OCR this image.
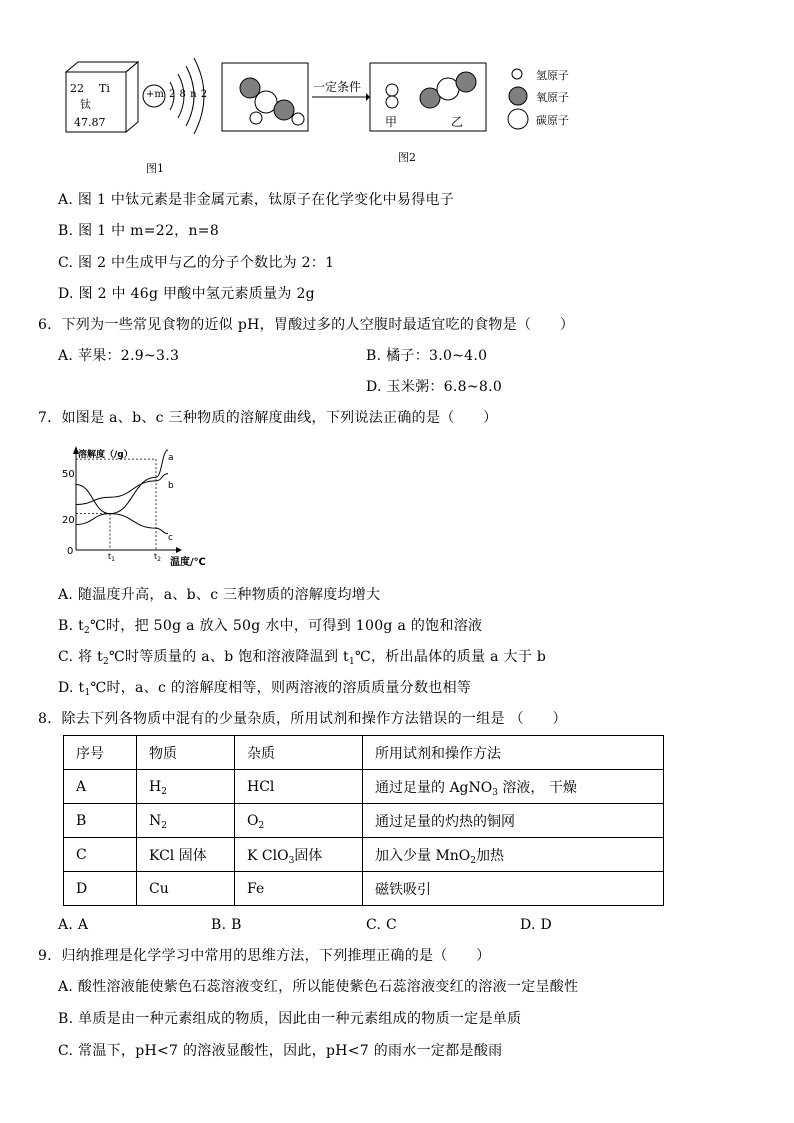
22 Ti
钛
47.87
+m 2 8 n 2
图1
一定条件
甲	乙
氢原子
氧原子
碳原子
图2
A. 图 1 中钛元素是非金属元素，钛原子在化学变化中易得电子
B. 图 1 中 m=22，n=8
C. 图 2 中生成甲与乙的分子个数比为 2：1
D. 图 2 中 46g 甲酸中氢元素质量为 2g
6．下列为一些常见食物的近似 pH，胃酸过多的人空腹时最适宜吃的食物是（　　）
A. 苹果：2.9~3.3	B. 橘子：3.0~4.0
D. 玉米粥：6.8~8.0
7．如图是 a、b、c 三种物质的溶解度曲线，下列说法正确的是（　　）
溶解度（/g）
温度/℃
50
20
0	$t_1$	$t_2$
a
b
c
A. 随温度升高，a、b、c 三种物质的溶解度均增大
B. $t_2℃$时，把 50g a 放入 50g 水中，可得到 100g a 的饱和溶液
C. 将 $t_2℃$时等质量的 a、b 饱和溶液降温到 $t_1℃$，析出晶体的质量 a 大于 b
D. $t_1℃$时，a、c 的溶解度相等，则两溶液的溶质质量分数也相等
8．除去下列各物质中混有的少量杂质，所用试剂和操作方法错误的一组是 （　　）
序号	物质	杂质	所用试剂和操作方法
A	$H_2$	HCl	通过足量的 AgNO$_3$ 溶液， 干燥
B	$N_2$	$O_2$	通过足量的灼热的铜网
C	KCl 固体	K ClO$_3$固体	加入少量 MnO$_2$加热
D	Cu	Fe	磁铁吸引
A. A	B. B	C. C	D. D
9．归纳推理是化学学习中常用的思维方法，下列推理正确的是（　　）
A. 酸性溶液能使紫色石蕊溶液变红，所以能使紫色石蕊溶液变红的溶液一定呈酸性
B. 单质是由一种元素组成的物质，因此由一种元素组成的物质一定是单质
C. 常温下，pH<7 的溶液显酸性，因此，pH<7 的雨水一定都是酸雨
